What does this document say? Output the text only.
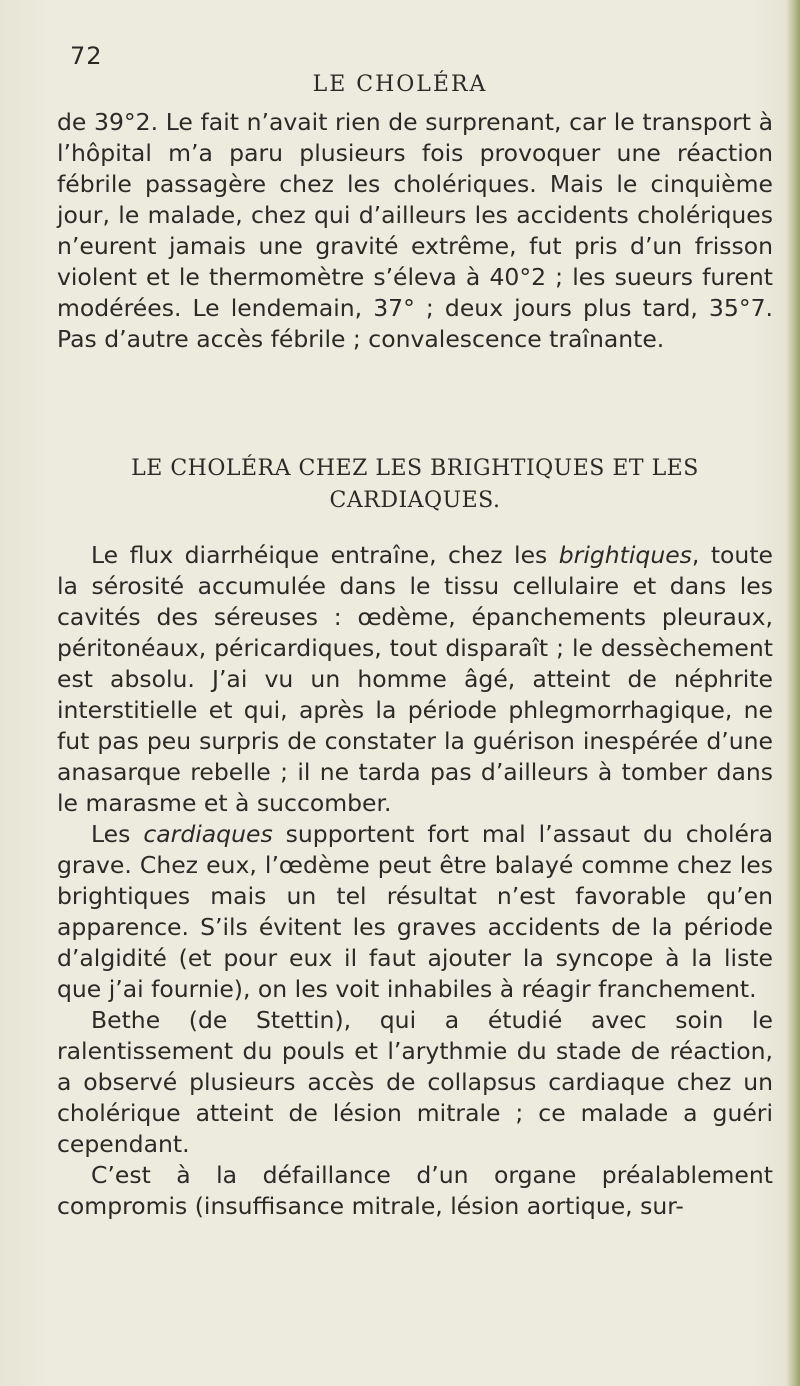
72
LE CHOLÉRA

de 39°2. Le fait n’avait rien de surprenant, car le transport à l’hôpital m’a paru plusieurs fois provoquer une réaction fébrile passagère chez les cholériques. Mais le cinquième jour, le malade, chez qui d’ailleurs les accidents cholériques n’eurent jamais une gravité extrême, fut pris d’un frisson violent et le thermomètre s’éleva à 40°2 ; les sueurs furent modérées. Le lendemain, 37° ; deux jours plus tard, 35°7. Pas d’autre accès fébrile ; convalescence traînante.

LE CHOLÉRA CHEZ LES BRIGHTIQUES ET LES
CARDIAQUES.

Le flux diarrhéique entraîne, chez les brightiques, toute la sérosité accumulée dans le tissu cellulaire et dans les cavités des séreuses : œdème, épanchements pleuraux, péritonéaux, péricardiques, tout disparaît ; le dessèchement est absolu. J’ai vu un homme âgé, atteint de néphrite interstitielle et qui, après la période phlegmorrhagique, ne fut pas peu surpris de constater la guérison inespérée d’une anasarque rebelle ; il ne tarda pas d’ailleurs à tomber dans le marasme et à succomber.

Les cardiaques supportent fort mal l’assaut du choléra grave. Chez eux, l’œdème peut être balayé comme chez les brightiques mais un tel résultat n’est favorable qu’en apparence. S’ils évitent les graves accidents de la période d’algidité (et pour eux il faut ajouter la syncope à la liste que j’ai fournie), on les voit inhabiles à réagir franchement.

Bethe (de Stettin), qui a étudié avec soin le ralentissement du pouls et l’arythmie du stade de réaction, a observé plusieurs accès de collapsus cardiaque chez un cholérique atteint de lésion mitrale ; ce malade a guéri cependant.

C’est à la défaillance d’un organe préalablement compromis (insuffisance mitrale, lésion aortique, sur-
